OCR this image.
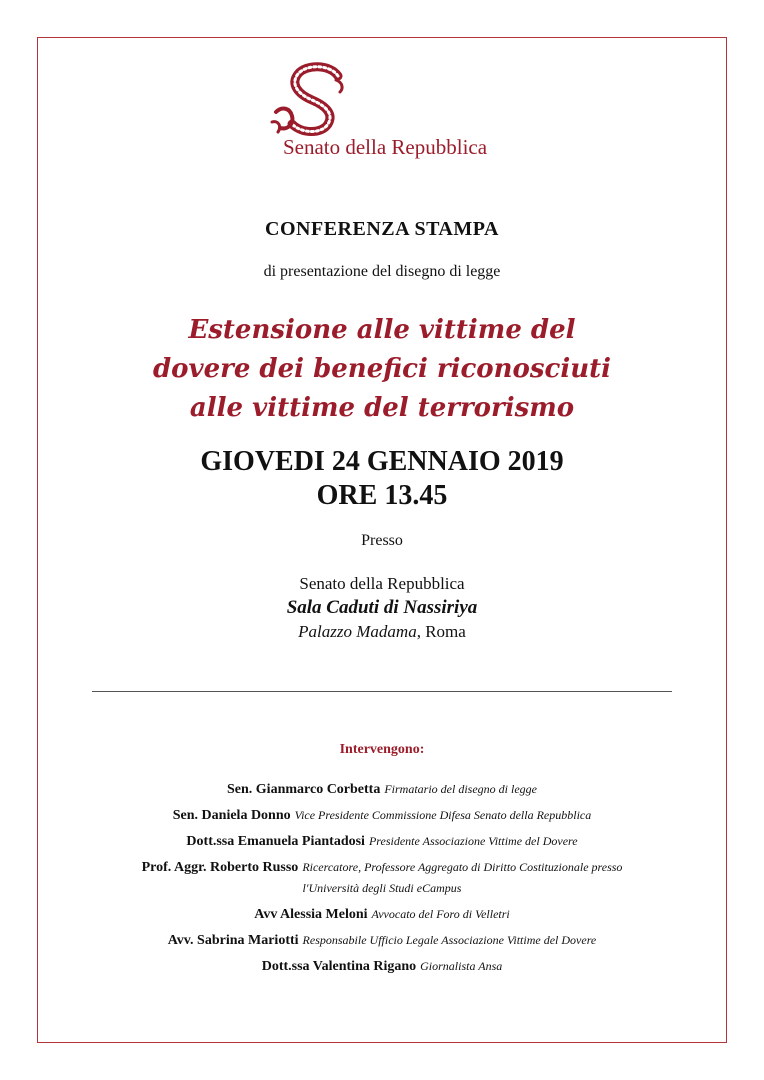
Senato della Repubblica
CONFERENZA STAMPA
di presentazione del disegno di legge
Estensione alle vittime del
dovere dei benefici riconosciuti
alle vittime del terrorismo
GIOVEDI 24 GENNAIO 2019
ORE 13.45
Presso
Senato della Repubblica
Sala Caduti di Nassiriya
Palazzo Madama, Roma
Intervengono:
Sen. Gianmarco Corbetta Firmatario del disegno di legge
Sen. Daniela Donno Vice Presidente Commissione Difesa Senato della Repubblica
Dott.ssa Emanuela Piantadosi Presidente Associazione Vittime del Dovere
Prof. Aggr. Roberto Russo Ricercatore, Professore Aggregato di Diritto Costituzionale presso
l'Università degli Studi eCampus
Avv Alessia Meloni Avvocato del Foro di Velletri
Avv. Sabrina Mariotti Responsabile Ufficio Legale Associazione Vittime del Dovere
Dott.ssa Valentina Rigano Giornalista Ansa
